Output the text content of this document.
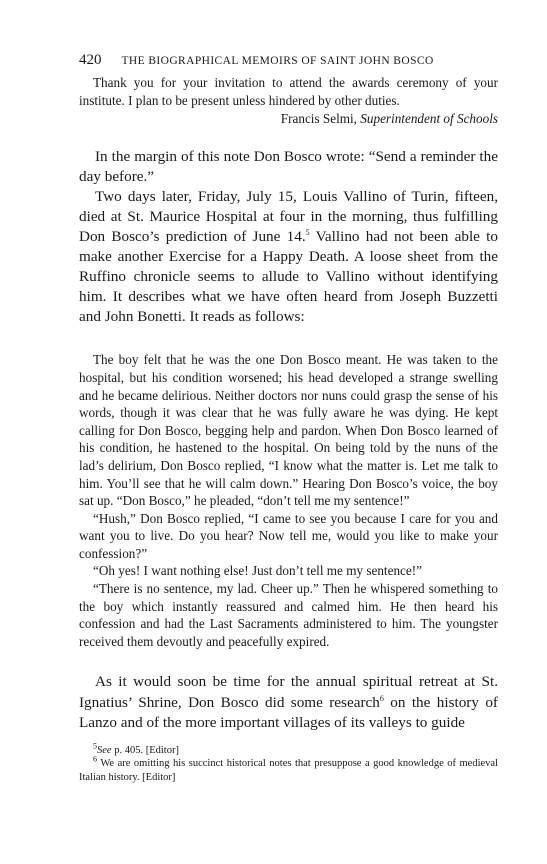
420 THE BIOGRAPHICAL MEMOIRS OF SAINT JOHN BOSCO

Thank you for your invitation to attend the awards ceremony of your institute. I plan to be present unless hindered by other duties.

Francis Selmi, Superintendent of Schools

In the margin of this note Don Bosco wrote: “Send a reminder the day before.”

Two days later, Friday, July 15, Louis Vallino of Turin, fifteen, died at St. Maurice Hospital at four in the morning, thus fulfilling Don Bosco’s prediction of June 14.$^5$ Vallino had not been able to make another Exercise for a Happy Death. A loose sheet from the Ruffino chronicle seems to allude to Vallino without identifying him. It describes what we have often heard from Joseph Buzzetti and John Bonetti. It reads as follows:

The boy felt that he was the one Don Bosco meant. He was taken to the hospital, but his condition worsened; his head developed a strange swelling and he became delirious. Neither doctors nor nuns could grasp the sense of his words, though it was clear that he was fully aware he was dying. He kept calling for Don Bosco, begging help and pardon. When Don Bosco learned of his condition, he hastened to the hospital. On being told by the nuns of the lad’s delirium, Don Bosco replied, “I know what the matter is. Let me talk to him. You’ll see that he will calm down.” Hearing Don Bosco’s voice, the boy sat up. “Don Bosco,” he pleaded, “don’t tell me my sentence!”

“Hush,” Don Bosco replied, “I came to see you because I care for you and want you to live. Do you hear? Now tell me, would you like to make your confession?”

“Oh yes! I want nothing else! Just don’t tell me my sentence!”

“There is no sentence, my lad. Cheer up.” Then he whispered something to the boy which instantly reassured and calmed him. He then heard his confession and had the Last Sacraments administered to him. The youngster received them devoutly and peacefully expired.

As it would soon be time for the annual spiritual retreat at St. Ignatius’ Shrine, Don Bosco did some research$^6$ on the history of Lanzo and of the more important villages of its valleys to guide

$^5$See p. 405. [Editor]

$^6$ We are omitting his succinct historical notes that presuppose a good knowledge of medieval Italian history. [Editor]
